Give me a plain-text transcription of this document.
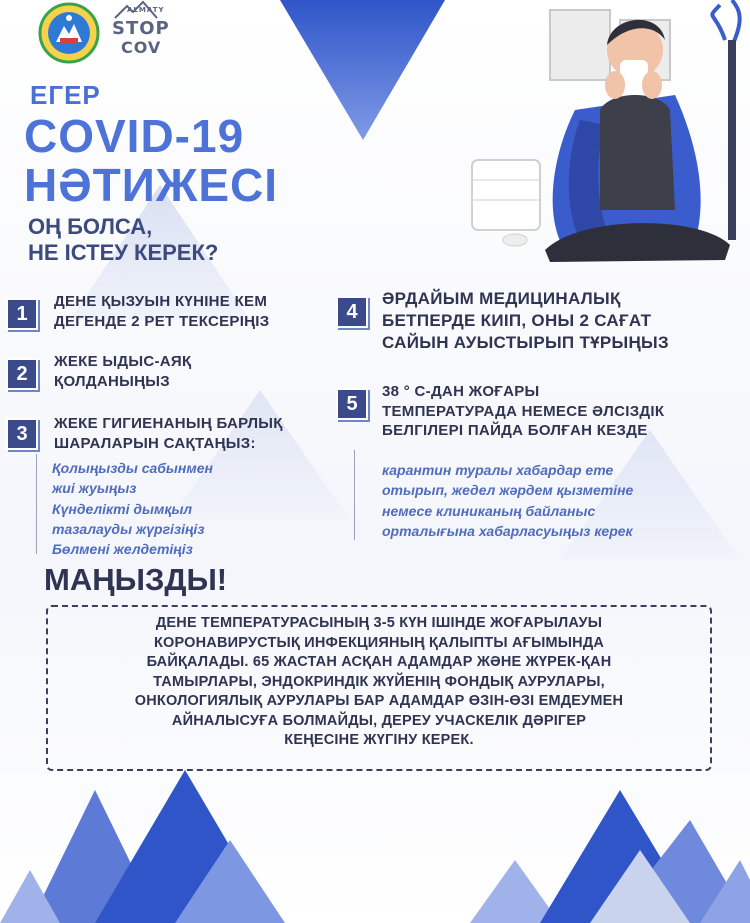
ALMATY
STOP
COV
ЕГЕР
COVID-19
НӘТИЖЕСІ
ОҢ БОЛСА,
НЕ ІСТЕУ КЕРЕК?
1
ДЕНЕ ҚЫЗУЫН КҮНІНЕ КЕМ
ДЕГЕНДЕ 2 РЕТ ТЕКСЕРІҢІЗ
2
ЖЕКЕ ЫДЫС-АЯҚ
ҚОЛДАНЫҢЫЗ
3	ЖЕКЕ ГИГИЕНАНЫҢ БАРЛЫҚ
ШАРАЛАРЫН САҚТАҢЫЗ:
Қолыңызды сабынмен
жиі жуыңыз
Күнделікті дымқыл
тазалауды жүргізіңіз
Бөлмені желдетіңіз
4
ӘРДАЙЫМ МЕДИЦИНАЛЫҚ
БЕТПЕРДЕ КИІП, ОНЫ 2 САҒАТ
САЙЫН АУЫСТЫРЫП ТҰРЫҢЫЗ
5
38 ° С-ДАН ЖОҒАРЫ
ТЕМПЕРАТУРАДА НЕМЕСЕ ӘЛСІЗДІК
БЕЛГІЛЕРІ ПАЙДА БОЛҒАН КЕЗДЕ
карантин туралы хабардар ете
отырып, жедел жәрдем қызметіне
немесе клиниканың байланыс
орталығына хабарласуыңыз керек
МАҢЫЗДЫ!
ДЕНЕ ТЕМПЕРАТУРАСЫНЫҢ 3-5 КҮН ІШІНДЕ ЖОҒАРЫЛАУЫ
КОРОНАВИРУСТЫҚ ИНФЕКЦИЯНЫҢ ҚАЛЫПТЫ АҒЫМЫНДА
БАЙҚАЛАДЫ. 65 ЖАСТАН АСҚАН АДАМДАР ЖӘНЕ ЖҮРЕК-ҚАН
ТАМЫРЛАРЫ, ЭНДОКРИНДІК ЖҮЙЕНІҢ ФОНДЫҚ АУРУЛАРЫ,
ОНКОЛОГИЯЛЫҚ АУРУЛАРЫ БАР АДАМДАР ӨЗІН-ӨЗІ ЕМДЕУМЕН
АЙНАЛЫСУҒА БОЛМАЙДЫ, ДЕРЕУ УЧАСКЕЛІК ДӘРІГЕР
КЕҢЕСІНЕ ЖҮГІНУ КЕРЕК.
